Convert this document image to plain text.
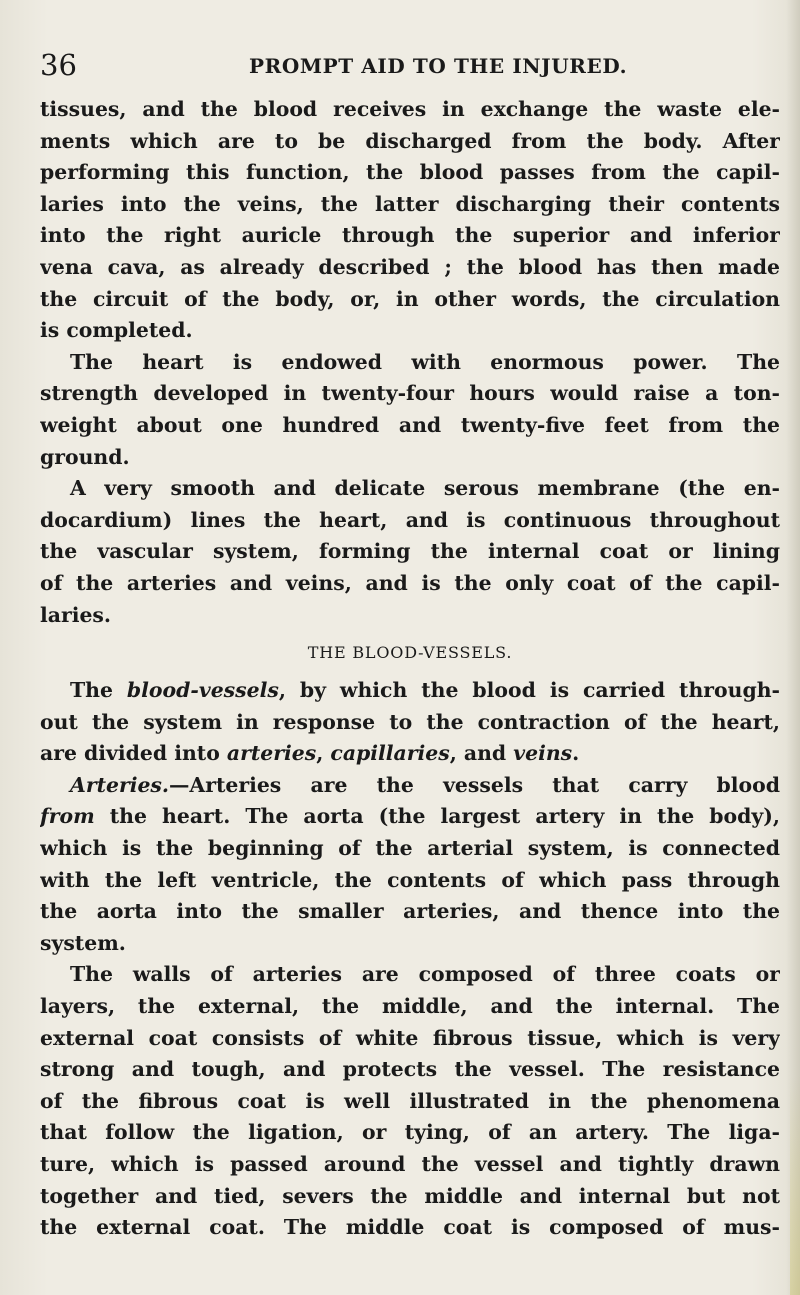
36	PROMPT AID TO THE INJURED.
tissues, and the blood receives in exchange the waste ele-
ments which are to be discharged from the body. After
performing this function, the blood passes from the capil-
laries into the veins, the latter discharging their contents
into the right auricle through the superior and inferior
vena cava, as already described ; the blood has then made
the circuit of the body, or, in other words, the circulation
is completed.
The heart is endowed with enormous power. The
strength developed in twenty-four hours would raise a ton-
weight about one hundred and twenty-five feet from the
ground.
A very smooth and delicate serous membrane (the en-
docardium) lines the heart, and is continuous throughout
the vascular system, forming the internal coat or lining
of the arteries and veins, and is the only coat of the capil-
laries.
THE BLOOD-VESSELS.
The blood-vessels, by which the blood is carried through-
out the system in response to the contraction of the heart,
are divided into arteries, capillaries, and veins.
Arteries.—Arteries are the vessels that carry blood
from the heart. The aorta (the largest artery in the body),
which is the beginning of the arterial system, is connected
with the left ventricle, the contents of which pass through
the aorta into the smaller arteries, and thence into the
system.
The walls of arteries are composed of three coats or
layers, the external, the middle, and the internal. The
external coat consists of white fibrous tissue, which is very
strong and tough, and protects the vessel. The resistance
of the fibrous coat is well illustrated in the phenomena
that follow the ligation, or tying, of an artery. The liga-
ture, which is passed around the vessel and tightly drawn
together and tied, severs the middle and internal but not
the external coat. The middle coat is composed of mus-
